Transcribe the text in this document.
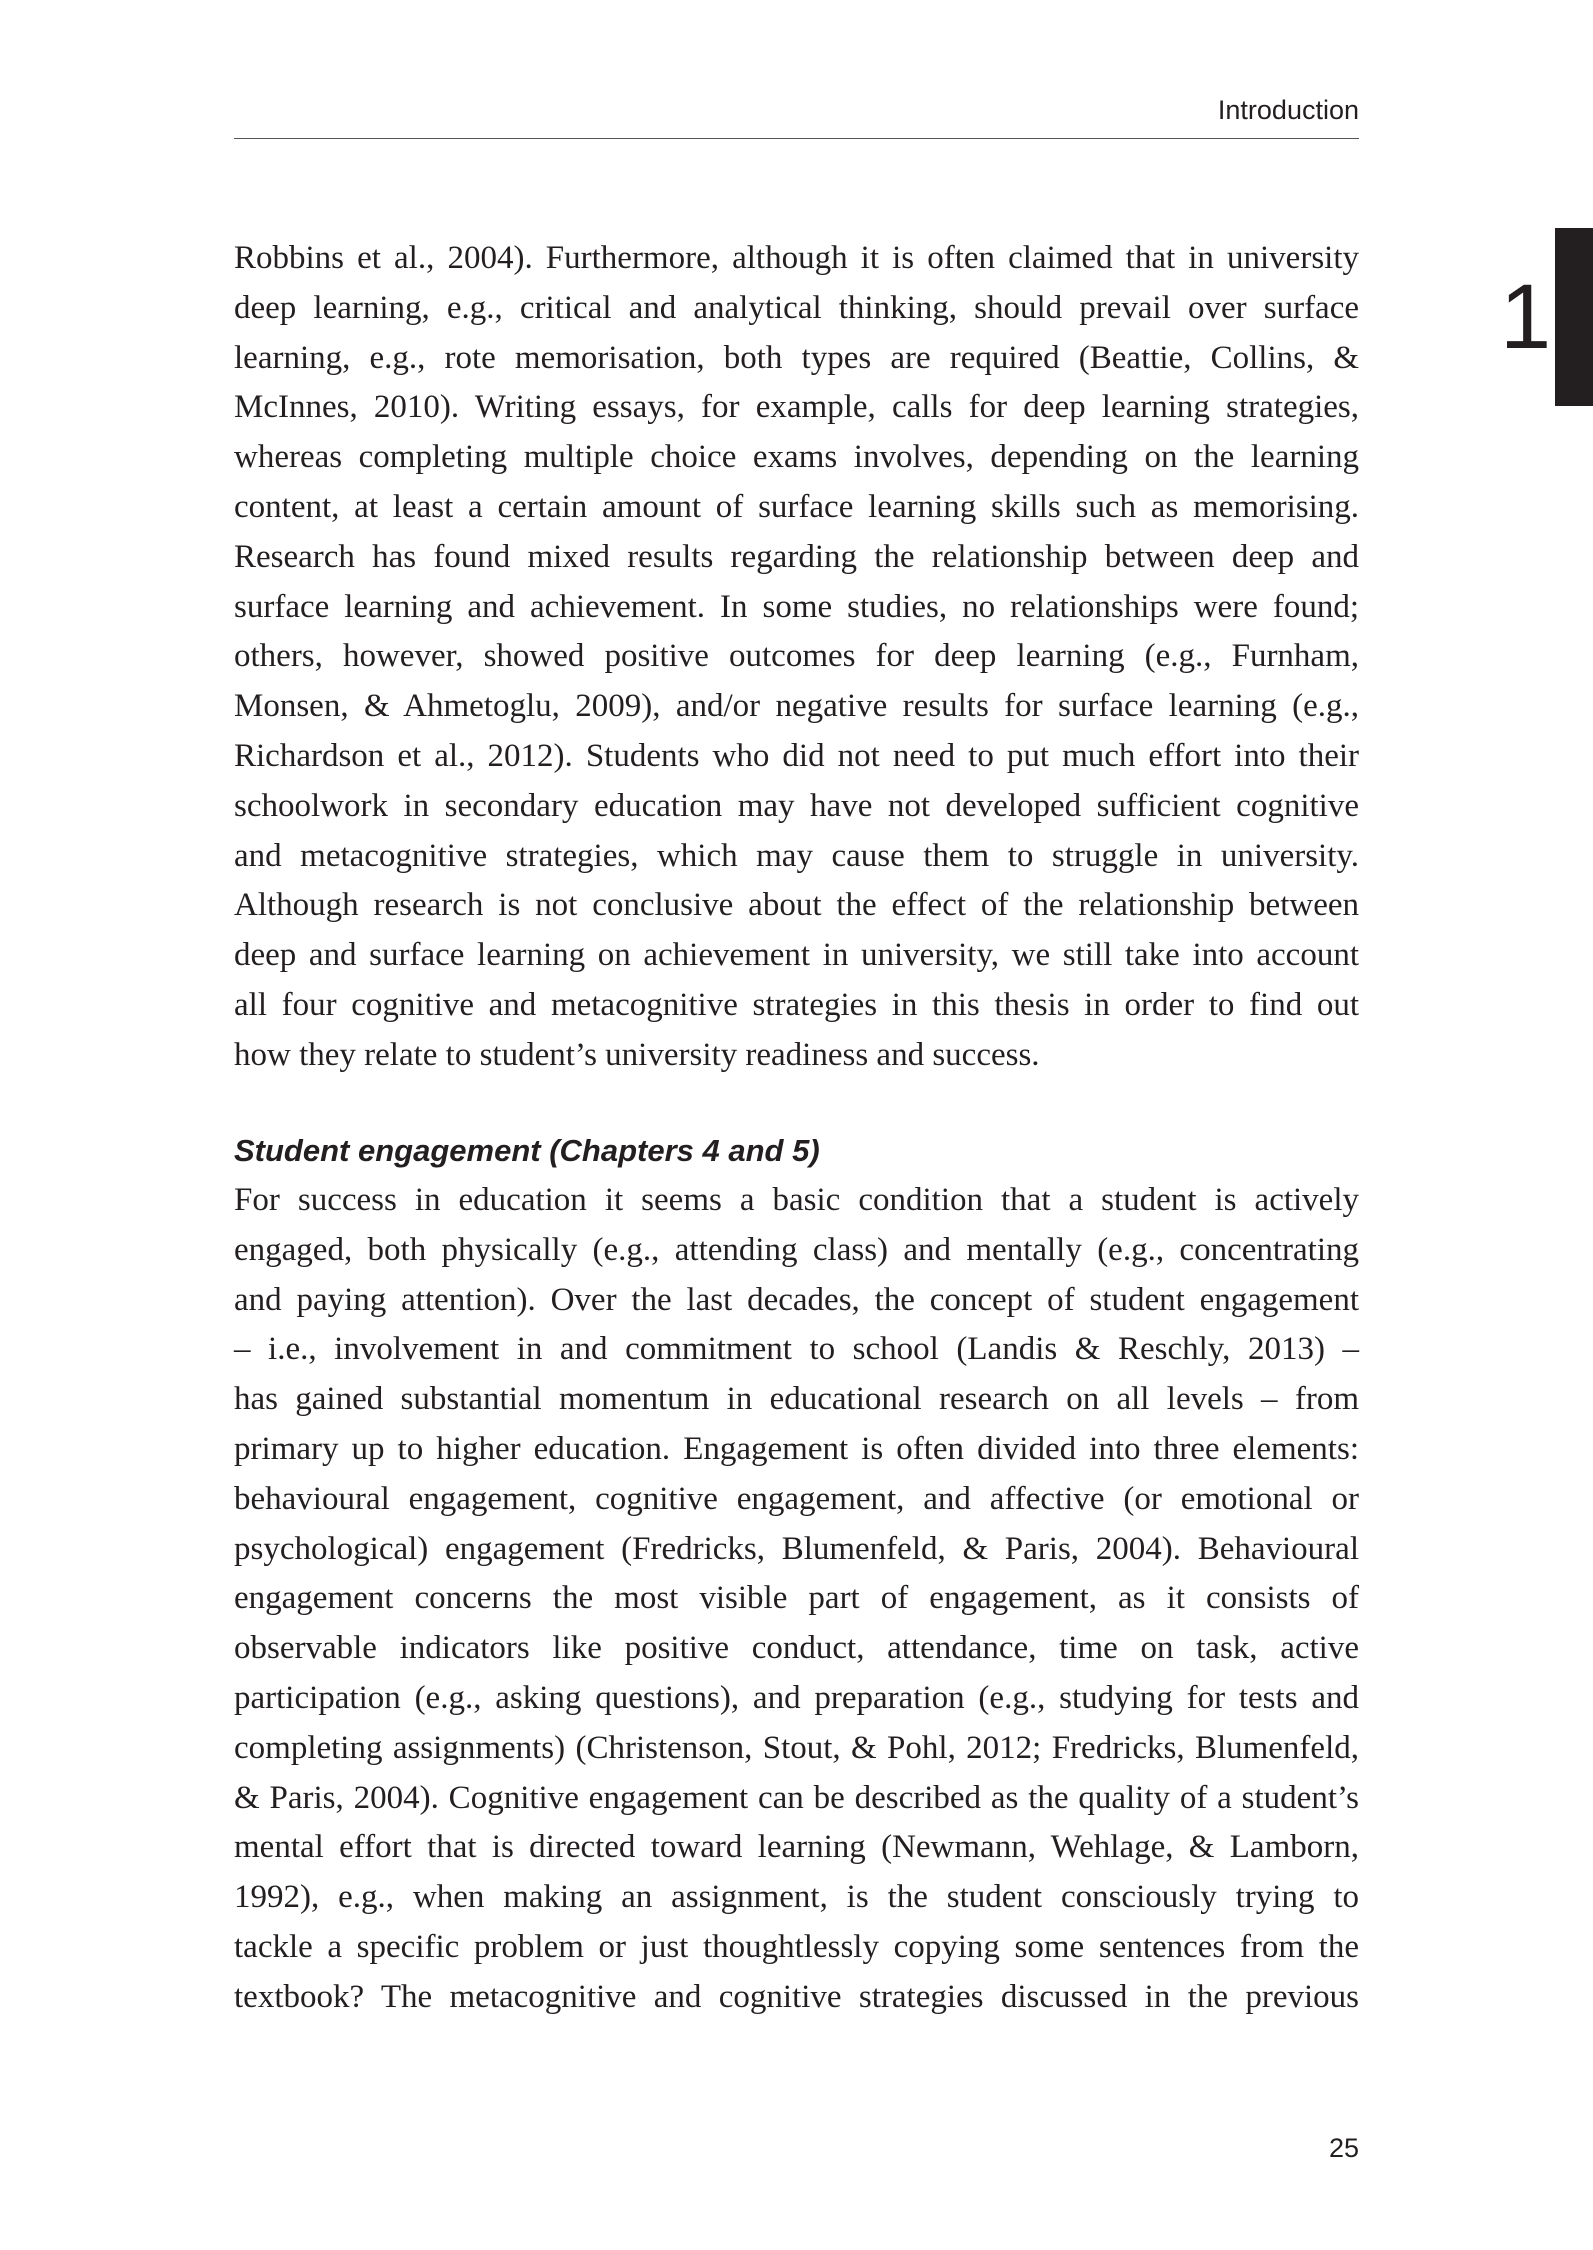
Introduction
1
Robbins et al., 2004). Furthermore, although it is often claimed that in university
deep learning, e.g., critical and analytical thinking, should prevail over surface
learning, e.g., rote memorisation, both types are required (Beattie, Collins, &
McInnes, 2010). Writing essays, for example, calls for deep learning strategies,
whereas completing multiple choice exams involves, depending on the learning
content, at least a certain amount of surface learning skills such as memorising.
Research has found mixed results regarding the relationship between deep and
surface learning and achievement. In some studies, no relationships were found;
others, however, showed positive outcomes for deep learning (e.g., Furnham,
Monsen, & Ahmetoglu, 2009), and/or negative results for surface learning (e.g.,
Richardson et al., 2012). Students who did not need to put much effort into their
schoolwork in secondary education may have not developed sufficient cognitive
and metacognitive strategies, which may cause them to struggle in university.
Although research is not conclusive about the effect of the relationship between
deep and surface learning on achievement in university, we still take into account
all four cognitive and metacognitive strategies in this thesis in order to find out
how they relate to student’s university readiness and success.
Student engagement (Chapters 4 and 5)
For success in education it seems a basic condition that a student is actively
engaged, both physically (e.g., attending class) and mentally (e.g., concentrating
and paying attention). Over the last decades, the concept of student engagement
– i.e., involvement in and commitment to school (Landis & Reschly, 2013) –
has gained substantial momentum in educational research on all levels – from
primary up to higher education. Engagement is often divided into three elements:
behavioural engagement, cognitive engagement, and affective (or emotional or
psychological) engagement (Fredricks, Blumenfeld, & Paris, 2004). Behavioural
engagement concerns the most visible part of engagement, as it consists of
observable indicators like positive conduct, attendance, time on task, active
participation (e.g., asking questions), and preparation (e.g., studying for tests and
completing assignments) (Christenson, Stout, & Pohl, 2012; Fredricks, Blumenfeld,
& Paris, 2004). Cognitive engagement can be described as the quality of a student’s
mental effort that is directed toward learning (Newmann, Wehlage, & Lamborn,
1992), e.g., when making an assignment, is the student consciously trying to
tackle a specific problem or just thoughtlessly copying some sentences from the
textbook? The metacognitive and cognitive strategies discussed in the previous
25
